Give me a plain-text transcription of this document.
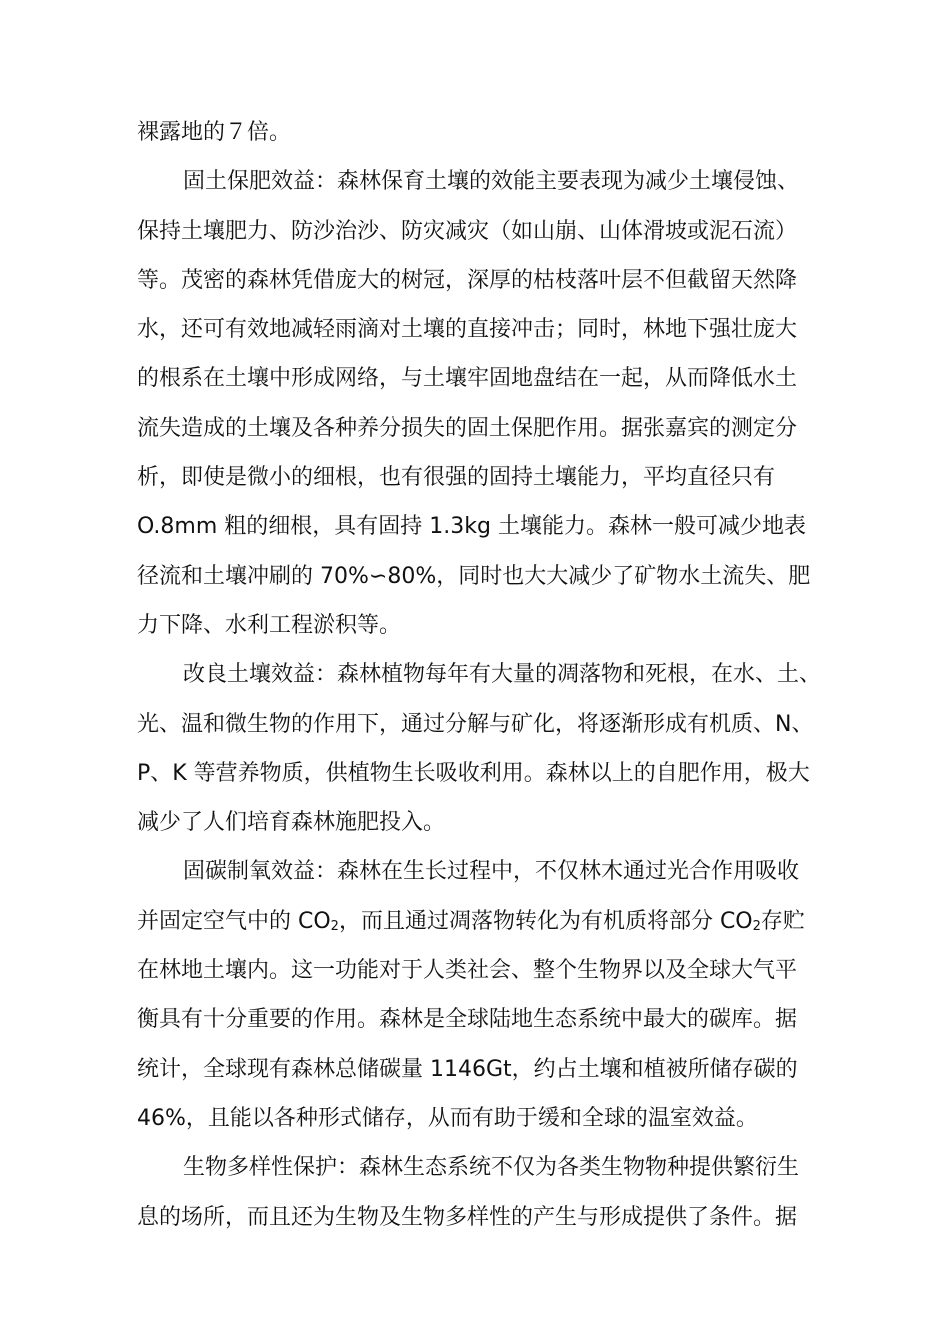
裸露地的７倍。
固土保肥效益：森林保育土壤的效能主要表现为减少土壤侵蚀、
保持土壤肥力、防沙治沙、防灾减灾（如山崩、山体滑坡或泥石流）
等。茂密的森林凭借庞大的树冠，深厚的枯枝落叶层不但截留天然降
水，还可有效地减轻雨滴对土壤的直接冲击；同时，林地下强壮庞大
的根系在土壤中形成网络，与土壤牢固地盘结在一起，从而降低水土
流失造成的土壤及各种养分损失的固土保肥作用。据张嘉宾的测定分
析，即使是微小的细根，也有很强的固持土壤能力，平均直径只有
O.8mm 粗的细根，具有固持 1.3kg 土壤能力。森林一般可减少地表
径流和土壤冲刷的 70%∽80%，同时也大大减少了矿物水土流失、肥
力下降、水利工程淤积等。
改良土壤效益：森林植物每年有大量的凋落物和死根，在水、土、
光、温和微生物的作用下，通过分解与矿化，将逐渐形成有机质、N、
P、K 等营养物质，供植物生长吸收利用。森林以上的自肥作用，极大
减少了人们培育森林施肥投入。
固碳制氧效益：森林在生长过程中，不仅林木通过光合作用吸收
并固定空气中的 $CO_2$，而且通过凋落物转化为有机质将部分 $CO_2$存贮
在林地土壤内。这一功能对于人类社会、整个生物界以及全球大气平
衡具有十分重要的作用。森林是全球陆地生态系统中最大的碳库。据
统计，全球现有森林总储碳量 1146Gt，约占土壤和植被所储存碳的
46%，且能以各种形式储存，从而有助于缓和全球的温室效益。
生物多样性保护：森林生态系统不仅为各类生物物种提供繁衍生
息的场所，而且还为生物及生物多样性的产生与形成提供了条件。据
